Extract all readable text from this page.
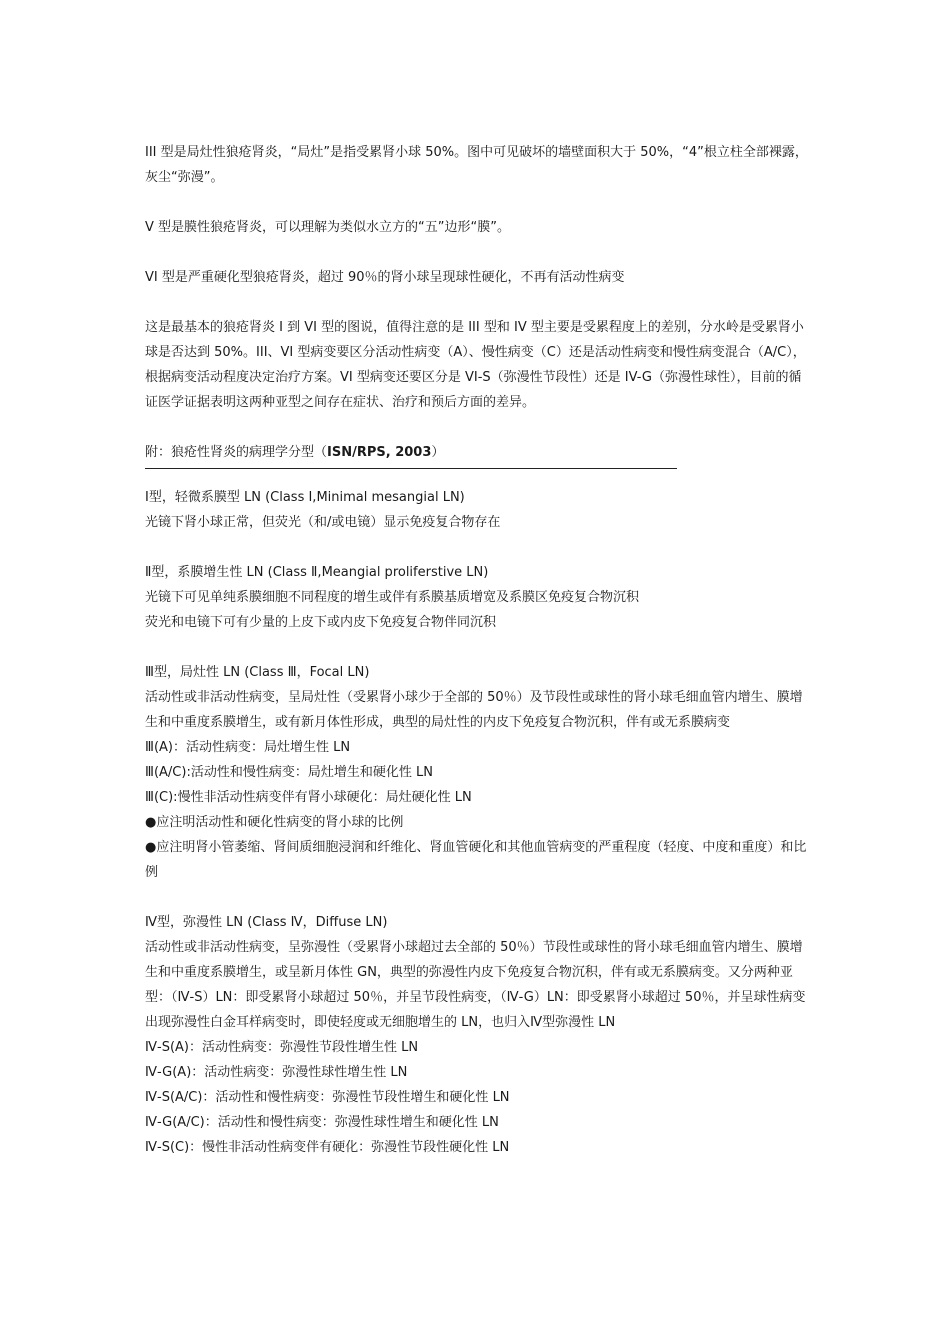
III 型是局灶性狼疮肾炎，“局灶”是指受累肾小球 50%。图中可见破坏的墙壁面积大于 50%，“4”根立柱全部裸露，灰尘“弥漫”。

V 型是膜性狼疮肾炎，可以理解为类似水立方的“五”边形“膜”。

VI 型是严重硬化型狼疮肾炎，超过 90％的肾小球呈现球性硬化，不再有活动性病变

这是最基本的狼疮肾炎 I 到 VI 型的图说，值得注意的是 III 型和 IV 型主要是受累程度上的差别，分水岭是受累肾小球是否达到 50%。III、VI 型病变要区分活动性病变（A）、慢性病变（C）还是活动性病变和慢性病变混合（A/C），根据病变活动程度决定治疗方案。VI 型病变还要区分是 VI-S（弥漫性节段性）还是 IV-G（弥漫性球性），目前的循证医学证据表明这两种亚型之间存在症状、治疗和预后方面的差异。

附：狼疮性肾炎的病理学分型（ISN/RPS, 2003）

Ⅰ型，轻微系膜型 LN (Class Ⅰ,Minimal mesangial LN)

光镜下肾小球正常，但荧光（和/或电镜）显示免疫复合物存在

Ⅱ型，系膜增生性 LN (Class Ⅱ,Meangial proliferstive LN)

光镜下可见单纯系膜细胞不同程度的增生或伴有系膜基质增宽及系膜区免疫复合物沉积

荧光和电镜下可有少量的上皮下或内皮下免疫复合物伴同沉积

Ⅲ型，局灶性 LN (Class Ⅲ，Focal LN)

活动性或非活动性病变，呈局灶性（受累肾小球少于全部的 50％）及节段性或球性的肾小球毛细血管内增生、膜增生和中重度系膜增生，或有新月体性形成，典型的局灶性的内皮下免疫复合物沉积，伴有或无系膜病变

Ⅲ(A)：活动性病变：局灶增生性 LN

Ⅲ(A/C):活动性和慢性病变：局灶增生和硬化性 LN

Ⅲ(C):慢性非活动性病变伴有肾小球硬化：局灶硬化性 LN

●应注明活动性和硬化性病变的肾小球的比例

●应注明肾小管萎缩、肾间质细胞浸润和纤维化、肾血管硬化和其他血管病变的严重程度（轻度、中度和重度）和比例

Ⅳ型，弥漫性 LN (Class Ⅳ，Diffuse LN)

活动性或非活动性病变，呈弥漫性（受累肾小球超过去全部的 50％）节段性或球性的肾小球毛细血管内增生、膜增生和中重度系膜增生，或呈新月体性 GN，典型的弥漫性内皮下免疫复合物沉积，伴有或无系膜病变。又分两种亚型：（Ⅳ-S）LN：即受累肾小球超过 50％，并呈节段性病变，（Ⅳ-G）LN：即受累肾小球超过 50％，并呈球性病变

出现弥漫性白金耳样病变时，即使轻度或无细胞增生的 LN，也归入Ⅳ型弥漫性 LN

Ⅳ-S(A)：活动性病变：弥漫性节段性增生性 LN

Ⅳ-G(A)：活动性病变：弥漫性球性增生性 LN

Ⅳ-S(A/C)：活动性和慢性病变：弥漫性节段性增生和硬化性 LN

Ⅳ-G(A/C)：活动性和慢性病变：弥漫性球性增生和硬化性 LN

Ⅳ-S(C)：慢性非活动性病变伴有硬化：弥漫性节段性硬化性 LN
